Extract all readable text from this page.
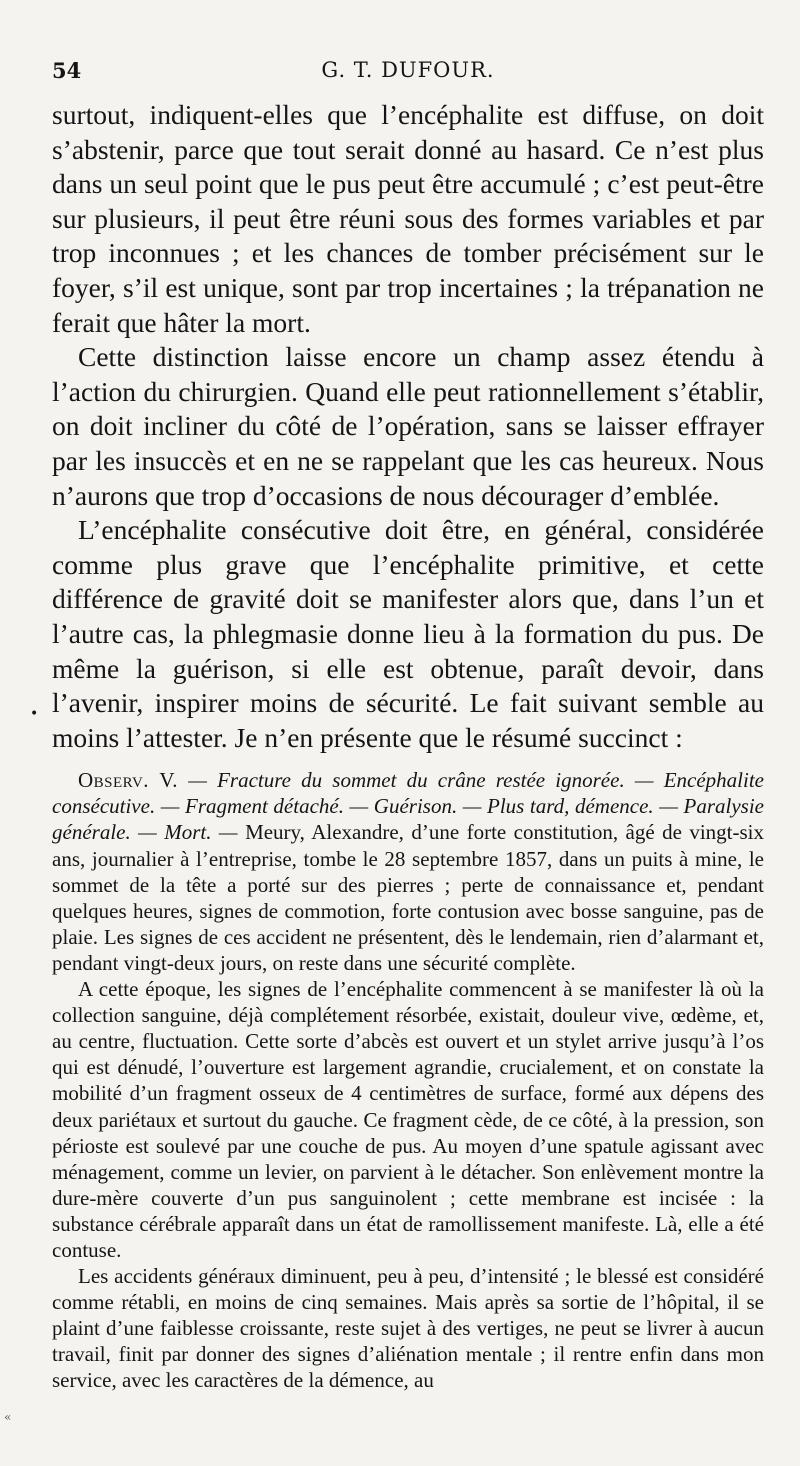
54	G. T. DUFOUR.

surtout, indiquent-elles que l’encéphalite est diffuse, on doit s’abstenir, parce que tout serait donné au hasard. Ce n’est plus dans un seul point que le pus peut être accumulé ; c’est peut-être sur plusieurs, il peut être réuni sous des formes variables et par trop inconnues ; et les chances de tomber précisément sur le foyer, s’il est unique, sont par trop incertaines ; la trépanation ne ferait que hâter la mort.

Cette distinction laisse encore un champ assez étendu à l’action du chirurgien. Quand elle peut rationnellement s’établir, on doit incliner du côté de l’opération, sans se laisser effrayer par les insuccès et en ne se rappelant que les cas heureux. Nous n’aurons que trop d’occasions de nous décourager d’emblée.

L’encéphalite consécutive doit être, en général, considérée comme plus grave que l’encéphalite primitive, et cette différence de gravité doit se manifester alors que, dans l’un et l’autre cas, la phlegmasie donne lieu à la formation du pus. De même la guérison, si elle est obtenue, paraît devoir, dans l’avenir, inspirer moins de sécurité. Le fait suivant semble au moins l’attester. Je n’en présente que le résumé succinct :

Observ. V. — Fracture du sommet du crâne restée ignorée. — Encéphalite consécutive. — Fragment détaché. — Guérison. — Plus tard, démence. — Paralysie générale. — Mort. — Meury, Alexandre, d’une forte constitution, âgé de vingt-six ans, journalier à l’entreprise, tombe le 28 septembre 1857, dans un puits à mine, le sommet de la tête a porté sur des pierres ; perte de connaissance et, pendant quelques heures, signes de commotion, forte contusion avec bosse sanguine, pas de plaie. Les signes de ces accident ne présentent, dès le lendemain, rien d’alarmant et, pendant vingt-deux jours, on reste dans une sécurité complète.

A cette époque, les signes de l’encéphalite commencent à se manifester là où la collection sanguine, déjà complétement résorbée, existait, douleur vive, œdème, et, au centre, fluctuation. Cette sorte d’abcès est ouvert et un stylet arrive jusqu’à l’os qui est dénudé, l’ouverture est largement agrandie, crucialement, et on constate la mobilité d’un fragment osseux de 4 centimètres de surface, formé aux dépens des deux pariétaux et surtout du gauche. Ce fragment cède, de ce côté, à la pression, son périoste est soulevé par une couche de pus. Au moyen d’une spatule agissant avec ménagement, comme un levier, on parvient à le détacher. Son enlèvement montre la dure-mère couverte d’un pus sanguinolent ; cette membrane est incisée : la substance cérébrale apparaît dans un état de ramollissement manifeste. Là, elle a été contuse.

Les accidents généraux diminuent, peu à peu, d’intensité ; le blessé est considéré comme rétabli, en moins de cinq semaines. Mais après sa sortie de l’hôpital, il se plaint d’une faiblesse croissante, reste sujet à des vertiges, ne peut se livrer à aucun travail, finit par donner des signes d’aliénation mentale ; il rentre enfin dans mon service, avec les caractères de la démence, au

•
«
